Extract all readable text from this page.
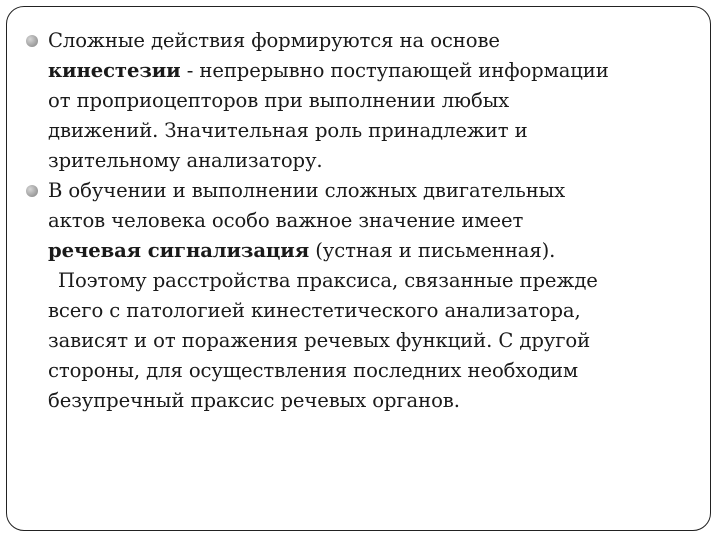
Сложные действия формируются на основе
кинестезии - непрерывно поступающей информации
от проприоцепторов при выполнении любых
движений. Значительная роль принадлежит и
зрительному анализатору.
В обучении и выполнении сложных двигательных
актов человека особо важное значение имеет
речевая сигнализация (устная и письменная).
Поэтому расстройства праксиса, связанные прежде
всего с патологией кинестетического анализатора,
зависят и от поражения речевых функций. С другой
стороны, для осуществления последних необходим
безупречный праксис речевых органов.
